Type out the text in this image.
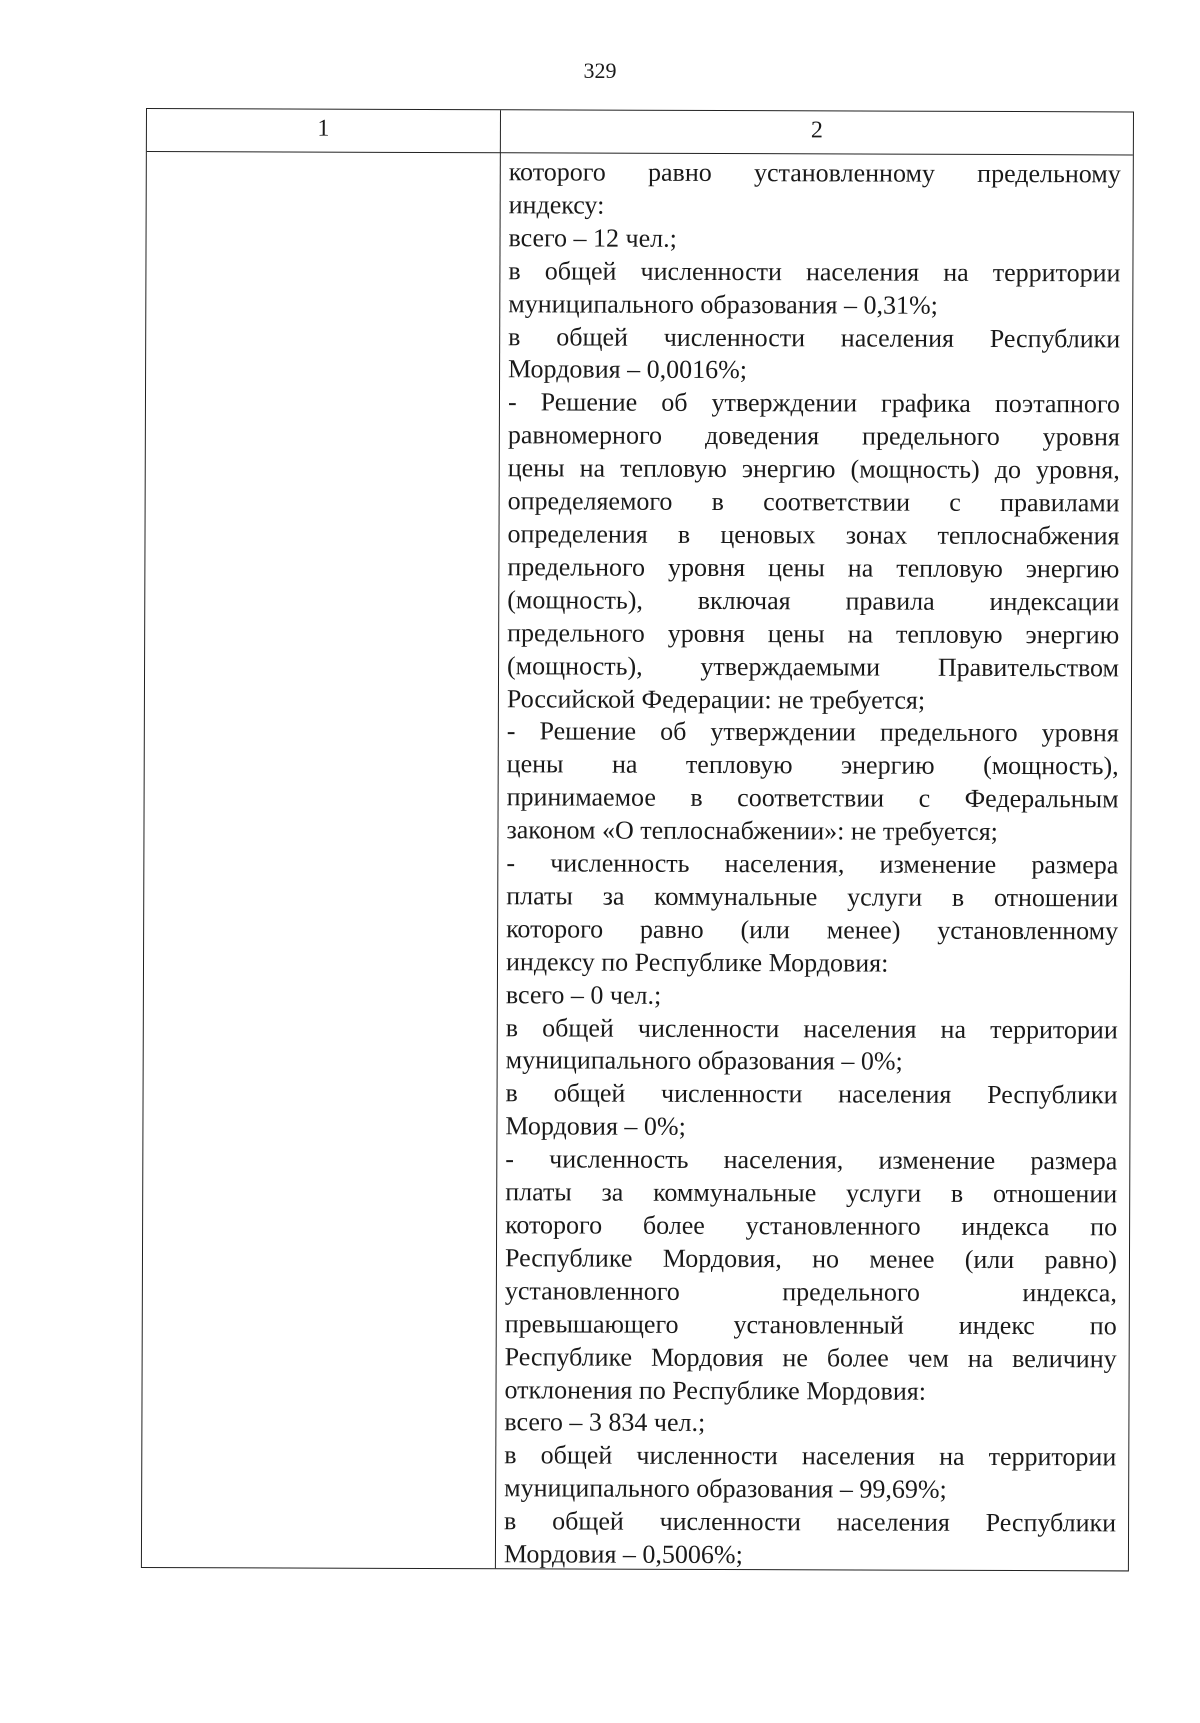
329
1	2
которого равно установленному предельному
индексу:
всего – 12 чел.;
в общей численности населения на территории
муниципального образования – 0,31%;
в общей численности населения Республики
Мордовия – 0,0016%;
- Решение об утверждении графика поэтапного
равномерного доведения предельного уровня
цены на тепловую энергию (мощность) до уровня,
определяемого в соответствии с правилами
определения в ценовых зонах теплоснабжения
предельного уровня цены на тепловую энергию
(мощность), включая правила индексации
предельного уровня цены на тепловую энергию
(мощность), утверждаемыми Правительством
Российской Федерации: не требуется;
- Решение об утверждении предельного уровня
цены на тепловую энергию (мощность),
принимаемое в соответствии с Федеральным
законом «О теплоснабжении»: не требуется;
- численность населения, изменение размера
платы за коммунальные услуги в отношении
которого равно (или менее) установленному
индексу по Республике Мордовия:
всего – 0 чел.;
в общей численности населения на территории
муниципального образования – 0%;
в общей численности населения Республики
Мордовия – 0%;
- численность населения, изменение размера
платы за коммунальные услуги в отношении
которого более установленного индекса по
Республике Мордовия, но менее (или равно)
установленного предельного индекса,
превышающего установленный индекс по
Республике Мордовия не более чем на величину
отклонения по Республике Мордовия:
всего – 3 834 чел.;
в общей численности населения на территории
муниципального образования – 99,69%;
в общей численности населения Республики
Мордовия – 0,5006%;
